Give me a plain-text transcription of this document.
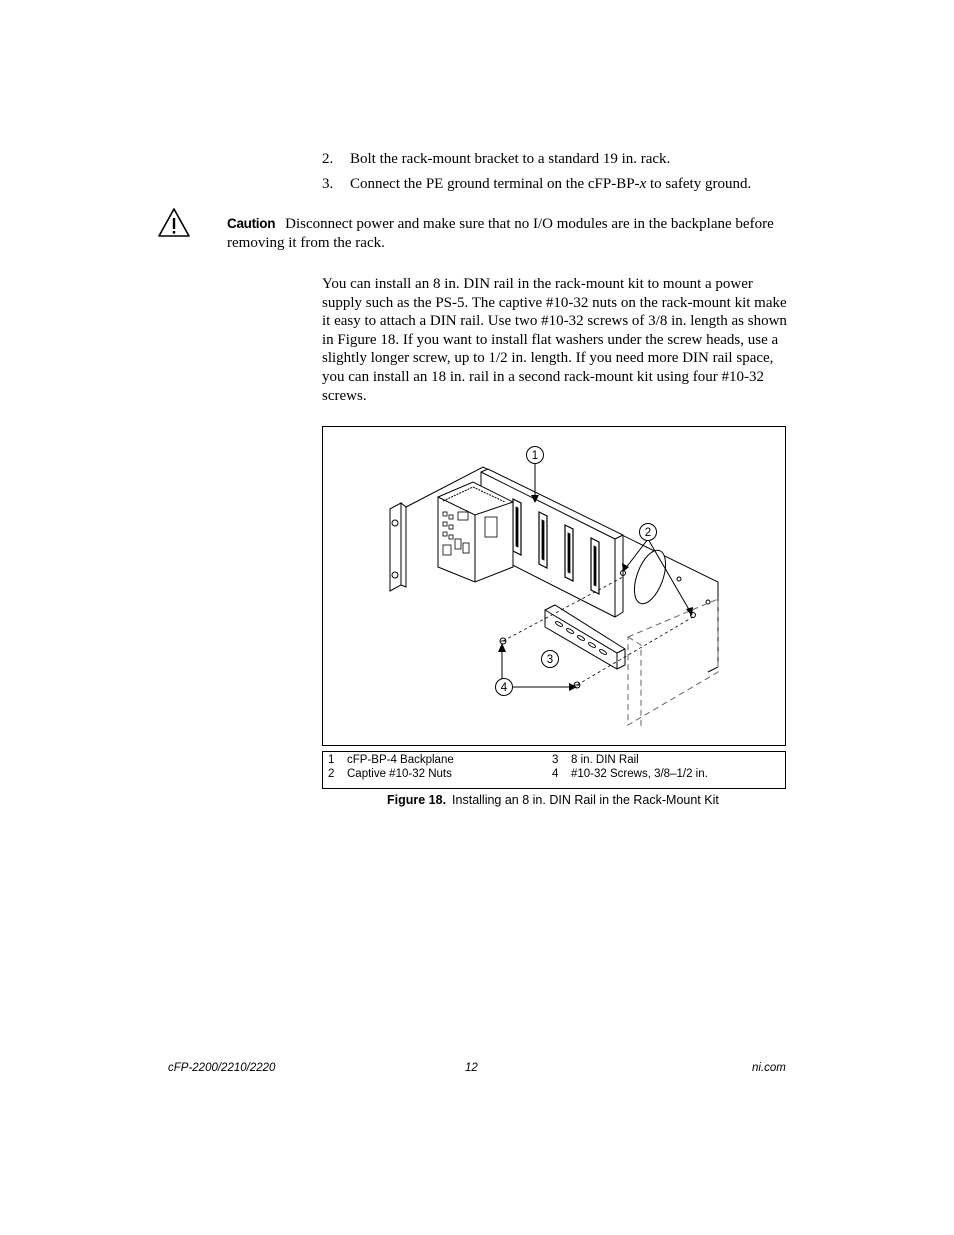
2. Bolt the rack-mount bracket to a standard 19 in. rack.
3. Connect the PE ground terminal on the cFP-BP-x to safety ground.
Caution Disconnect power and make sure that no I/O modules are in the backplane before removing it from the rack.
You can install an 8 in. DIN rail in the rack-mount kit to mount a power supply such as the PS-5. The captive #10-32 nuts on the rack-mount kit make it easy to attach a DIN rail. Use two #10-32 screws of 3/8 in. length as shown in Figure 18. If you want to install flat washers under the screw heads, use a slightly longer screw, up to 1/2 in. length. If you need more DIN rail space, you can install an 18 in. rail in a second rack-mount kit using four #10-32 screws.
1
2
3
4
1 cFP-BP-4 Backplane
2 Captive #10-32 Nuts
3 8 in. DIN Rail
4 #10-32 Screws, 3/8–1/2 in.
Figure 18. Installing an 8 in. DIN Rail in the Rack-Mount Kit
cFP-2200/2210/2220	12	ni.com
